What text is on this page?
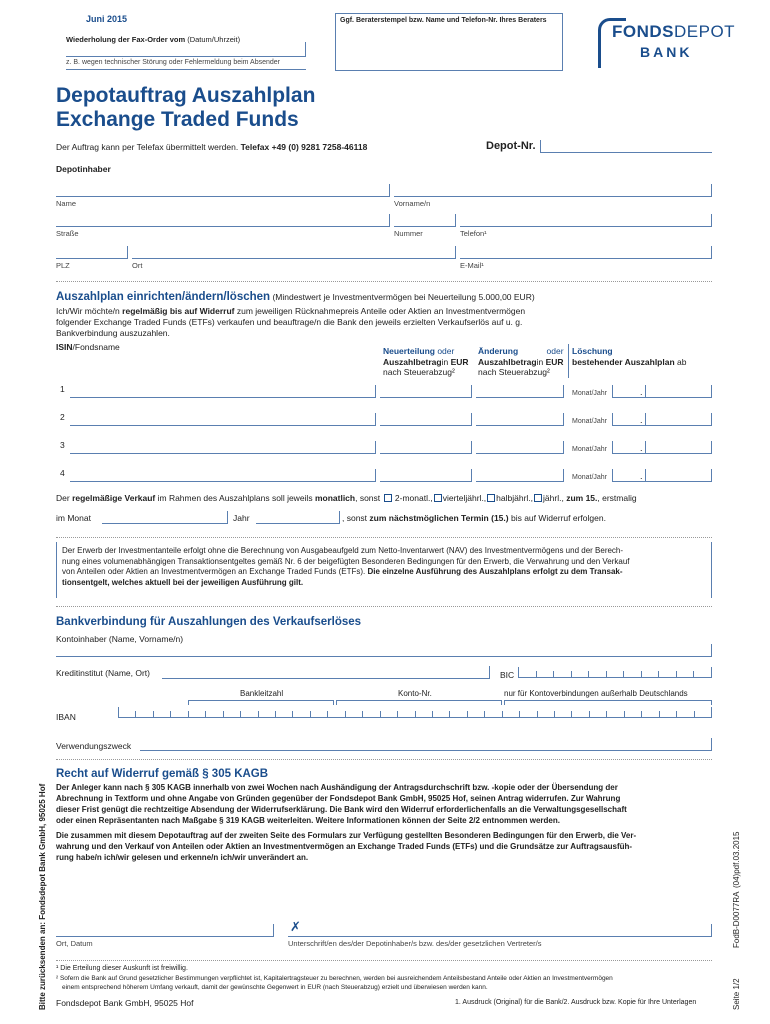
Juni 2015
Wiederholung der Fax-Order vom (Datum/Uhrzeit)
z. B. wegen technischer Störung oder Fehlermeldung beim Absender
Ggf. Beraterstempel bzw. Name und Telefon-Nr. Ihres Beraters
FONDSDEPOT
BANK
Depotauftrag Auszahlplan
Exchange Traded Funds
Der Auftrag kann per Telefax übermittelt werden. Telefax +49 (0) 9281 7258-46118	Depot-Nr.
Depotinhaber
Name	Vorname/n
Straße	Nummer	Telefon¹
PLZ	Ort	E-Mail¹
Auszahlplan einrichten/ändern/löschen (Mindestwert je Investmentvermögen bei Neuerteilung 5.000,00 EUR)
Ich/Wir möchte/n regelmäßig bis auf Widerruf zum jeweiligen Rücknahmepreis Anteile oder Aktien an Investmentvermögen
folgender Exchange Traded Funds (ETFs) verkaufen und beauftrage/n die Bank den jeweils erzielten Verkaufserlös auf u. g.
Bankverbindung auszuzahlen.
ISIN/Fondsname	Neuerteilung oder
Auszahlbetragin EUR
nach Steuerabzug²
Änderung	oder
Auszahlbetragin EUR
nach Steuerabzug²
Löschung
bestehender Auszahlplan ab
1	Monat/Jahr	.
2	Monat/Jahr	.
3	Monat/Jahr	.
4	Monat/Jahr	.
Der regelmäßige Verkauf im Rahmen des Auszahlplans soll jeweils monatlich, sonst 2-monatl., vierteljährl., halbjährl., jährl., zum 15., erstmalig
im Monat	Jahr	, sonst zum nächstmöglichen Termin (15.) bis auf Widerruf erfolgen.
Der Erwerb der Investmentanteile erfolgt ohne die Berechnung von Ausgabeaufgeld zum Netto-Inventarwert (NAV) des Investmentvermögens und der Berech-
nung eines volumenabhängigen Transaktionsentgeltes gemäß Nr. 6 der beigefügten Besonderen Bedingungen für den Erwerb, die Verwahrung und den Verkauf
von Anteilen oder Aktien an Investmentvermögen an Exchange Traded Funds (ETFs). Die einzelne Ausführung des Auszahlplans erfolgt zu dem Transak-
tionsentgelt, welches aktuell bei der jeweiligen Ausführung gilt.
Bankverbindung für Auszahlungen des Verkaufserlöses
Kontoinhaber (Name, Vorname/n)
Kreditinstitut (Name, Ort)	BIC
Bankleitzahl	Konto-Nr.	nur für Kontoverbindungen außerhalb Deutschlands
IBAN
Verwendungszweck
Recht auf Widerruf gemäß § 305 KAGB
Der Anleger kann nach § 305 KAGB innerhalb von zwei Wochen nach Aushändigung der Antragsdurchschrift bzw. -kopie oder der Übersendung der
Abrechnung in Textform und ohne Angabe von Gründen gegenüber der Fondsdepot Bank GmbH, 95025 Hof, seinen Antrag widerrufen. Zur Wahrung
dieser Frist genügt die rechtzeitige Absendung der Widerrufserklärung. Die Bank wird den Widerruf erforderlichenfalls an die Verwaltungsgesellschaft
oder einen Repräsentanten nach Maßgabe § 319 KAGB weiterleiten. Weitere Informationen können der Seite 2/2 entnommen werden.
Die zusammen mit diesem Depotauftrag auf der zweiten Seite des Formulars zur Verfügung gestellten Besonderen Bedingungen für den Erwerb, die Ver-
wahrung und den Verkauf von Anteilen oder Aktien an Investmentvermögen an Exchange Traded Funds (ETFs) und die Grundsätze zur Auftragsausfüh-
rung habe/n ich/wir gelesen und erkenne/n ich/wir unverändert an.
✗
Ort, Datum	Unterschrift/en des/der Depotinhaber/s bzw. des/der gesetzlichen Vertreter/s
¹ Die Erteilung dieser Auskunft ist freiwillig.
² Sofern die Bank auf Grund gesetzlicher Bestimmungen verpflichtet ist, Kapitalertragsteuer zu berechnen, werden bei ausreichendem Anteilsbestand Anteile oder Aktien an Investmentvermögen
einem entsprechend höherem Umfang verkauft, damit der gewünschte Gegenwert in EUR (nach Steuerabzug) erzielt und überwiesen werden kann.
Fondsdepot Bank GmbH, 95025 Hof	1. Ausdruck (Original) für die Bank/2. Ausdruck bzw. Kopie für Ihre Unterlagen
Bitte zurücksenden an: Fondsdepot Bank GmbH, 95025 Hof	(04)pdf.03.2015
FodB-D0077RA
Seite 1/2
